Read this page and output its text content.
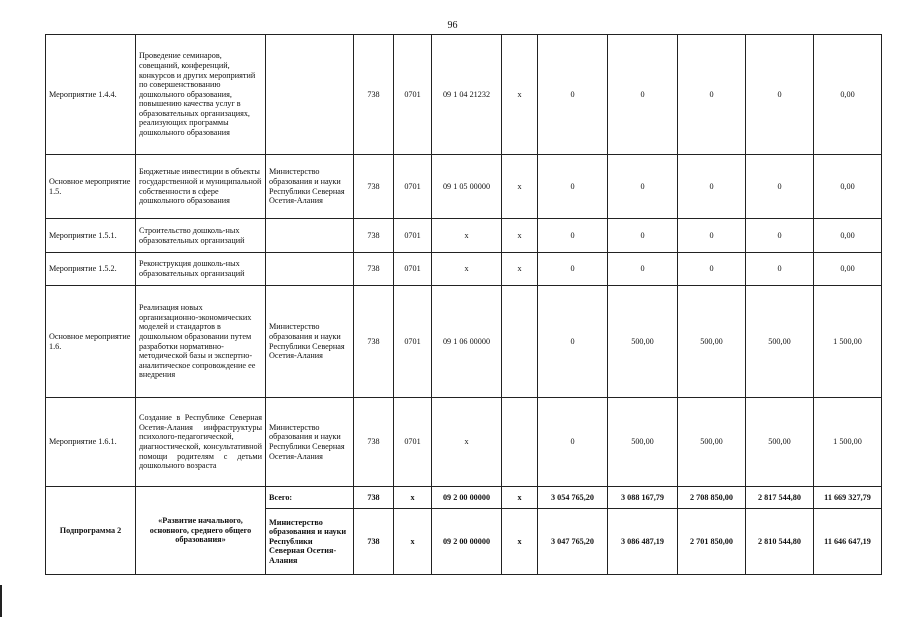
96
Мероприятие 1.4.4.	Проведение семинаров, совещаний, конференций, конкурсов и других мероприятий по совершенствованию дошкольного образования, повышению качества услуг в образовательных организациях, реализующих программы дошкольного образования		738	0701	09 1 04 21232	x	0	0	0	0	0,00
Основное мероприятие 1.5.	Бюджетные инвестиции в объекты государственной и муниципальной собственности в сфере дошкольного образования	Министерство образования и науки Республики Северная Осетия-Алания	738	0701	09 1 05 00000	x	0	0	0	0	0,00
Мероприятие 1.5.1.	Строительство дошколь-ных образовательных организаций		738	0701	x	x	0	0	0	0	0,00
Мероприятие 1.5.2.	Реконструкция дошколь-ных образовательных организаций		738	0701	x	x	0	0	0	0	0,00
Основное мероприятие 1.6.	Реализация новых организационно-экономических моделей и стандартов в дошкольном образовании путем разработки нормативно-методической базы и экспертно-аналитическое сопровождение ее внедрения	Министерство образования и науки Республики Северная Осетия-Алания	738	0701	09 1 06 00000		0	500,00	500,00	500,00	1 500,00
Мероприятие 1.6.1.	Создание в Республике Северная Осетия-Алания инфраструктуры психолого-педагогической, диагностической, консультативной помощи родителям с детьми дошкольного возраста	Министерство образования и науки Республики Северная Осетия-Алания	738	0701	x		0	500,00	500,00	500,00	1 500,00
Подпрограмма 2	«Развитие начального, основного, среднего общего образования»	Всего:	738	x	09 2 00 00000	x	3 054 765,20	3 088 167,79	2 708 850,00	2 817 544,80	11 669 327,79
		Министерство образования и науки Республики Северная Осетия-Алания	738	x	09 2 00 00000	x	3 047 765,20	3 086 487,19	2 701 850,00	2 810 544,80	11 646 647,19
